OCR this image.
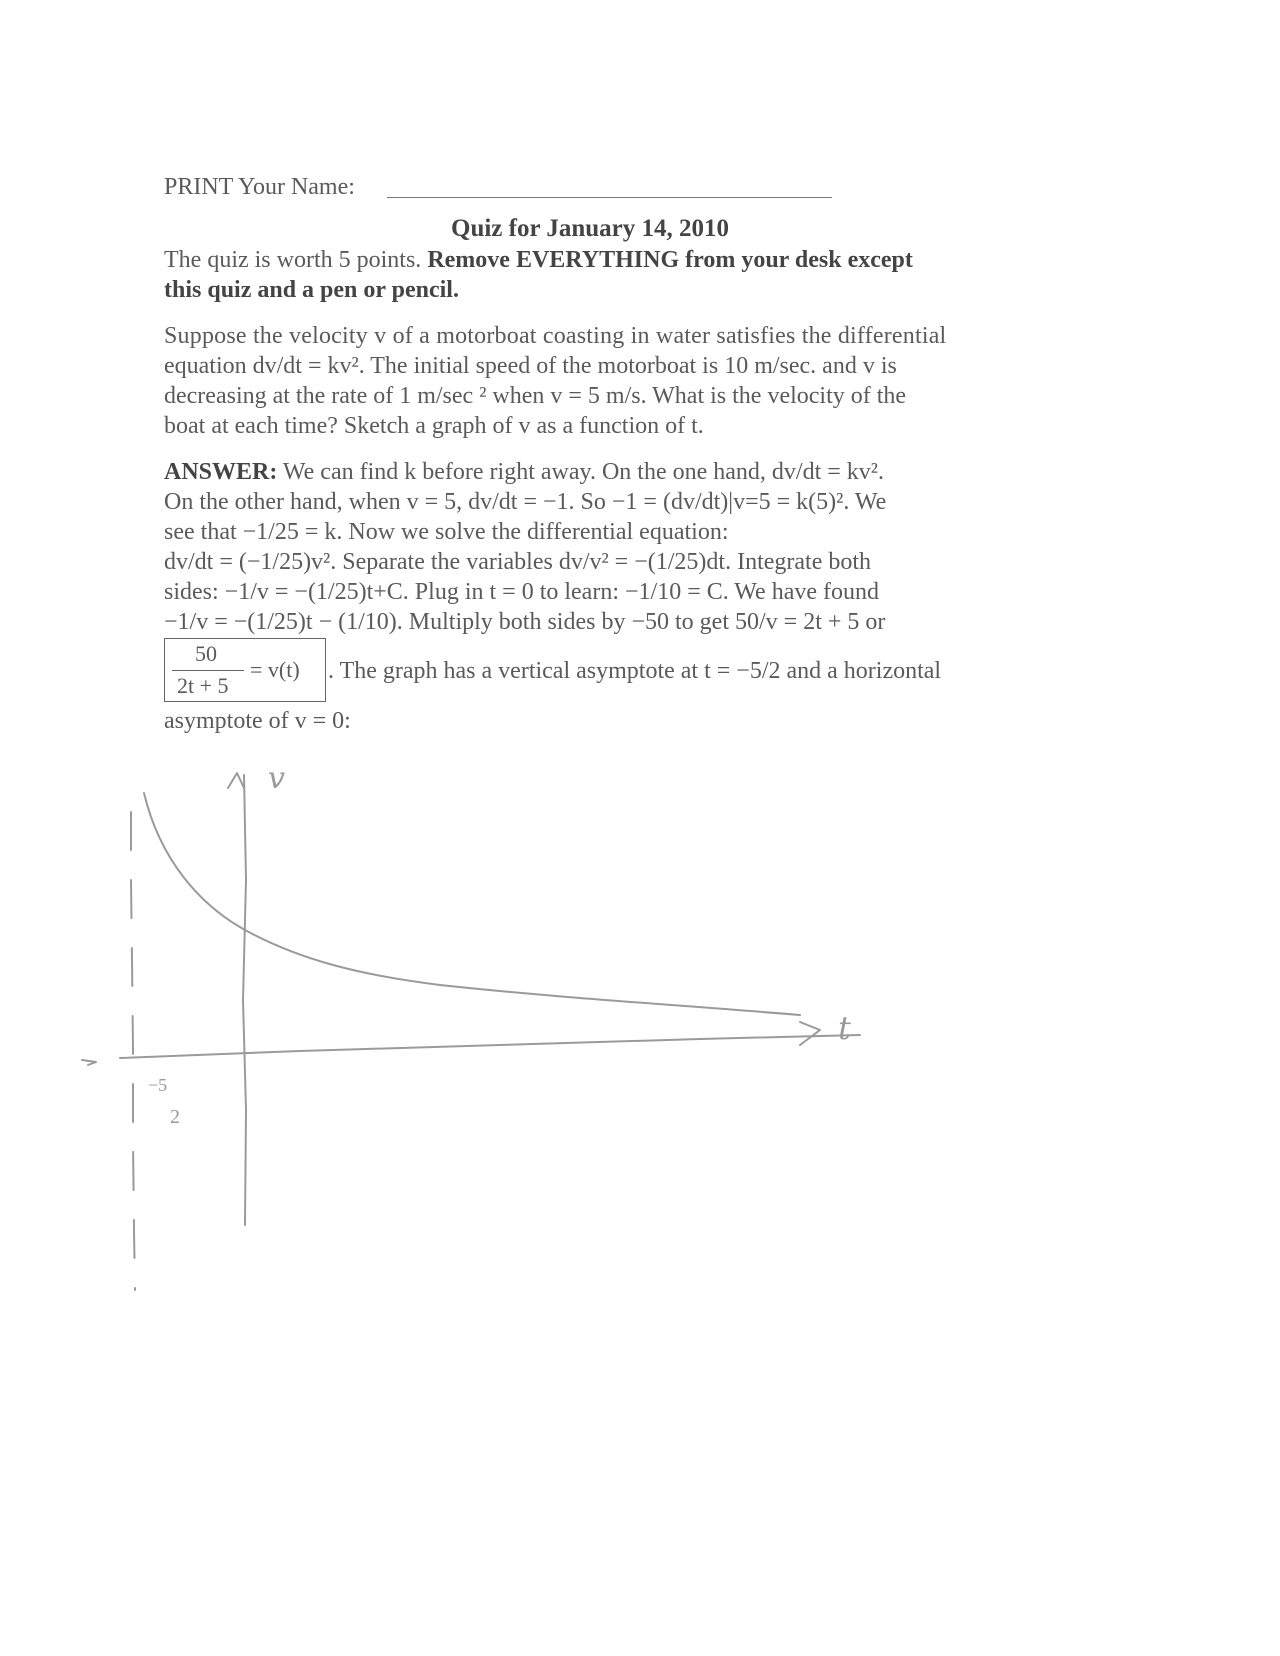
PRINT Your Name:
Quiz for January 14, 2010
The quiz is worth 5 points. Remove EVERYTHING from your desk except
this quiz and a pen or pencil.
Suppose the velocity v of a motorboat coasting in water satisfies the differential
equation dv/dt = kv². The initial speed of the motorboat is 10 m/sec. and v is
decreasing at the rate of 1 m/sec ² when v = 5 m/s. What is the velocity of the
boat at each time? Sketch a graph of v as a function of t.
ANSWER: We can find k before right away. On the one hand, dv/dt = kv².
On the other hand, when v = 5, dv/dt = −1. So −1 = (dv/dt)|v=5 = k(5)². We
see that −1/25 = k. Now we solve the differential equation:
dv/dt = (−1/25)v². Separate the variables dv/v² = −(1/25)dt. Integrate both
sides: −1/v = −(1/25)t+C. Plug in t = 0 to learn: −1/10 = C. We have found
−1/v = −(1/25)t − (1/10). Multiply both sides by −50 to get 50/v = 2t + 5 or
50
2t + 5
= v(t) . The graph has a vertical asymptote at t = −5/2 and a horizontal
asymptote of v = 0:
v
t
−5
2
